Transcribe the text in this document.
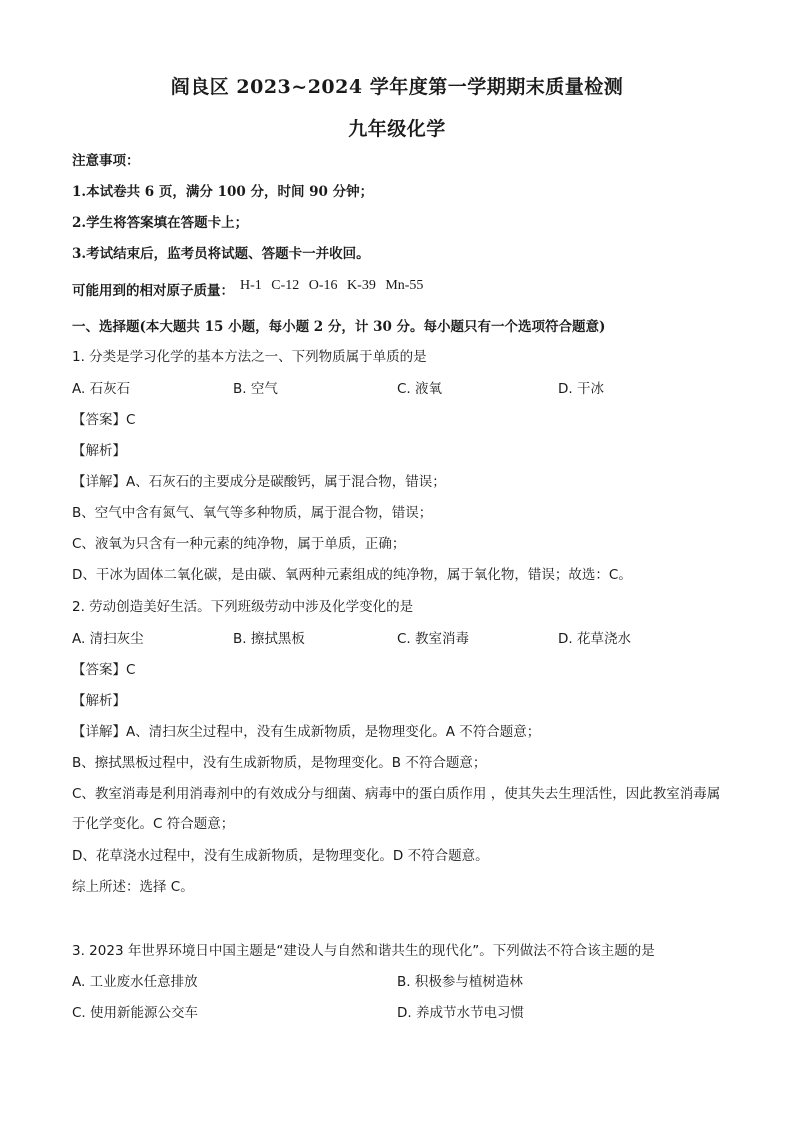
阎良区 2023~2024 学年度第一学期期末质量检测
九年级化学
注意事项：
1.本试卷共 6 页，满分 100 分，时间 90 分钟；
2.学生将答案填在答题卡上；
3.考试结束后，监考员将试题、答题卡一并收回。
可能用到的相对原子质量： H-1 C-12 O-16 K-39 Mn-55
一、选择题(本大题共 15 小题，每小题 2 分，计 30 分。每小题只有一个选项符合题意)
1. 分类是学习化学的基本方法之一、下列物质属于单质的是
A. 石灰石	B. 空气	C. 液氧	D. 干冰
【答案】C
【解析】
【详解】A、石灰石的主要成分是碳酸钙，属于混合物，错误；
B、空气中含有氮气、氧气等多种物质，属于混合物，错误；
C、液氧为只含有一种元素的纯净物，属于单质，正确；
D、干冰为固体二氧化碳，是由碳、氧两种元素组成的纯净物，属于氧化物，错误；故选：C。
2. 劳动创造美好生活。下列班级劳动中涉及化学变化的是
A. 清扫灰尘	B. 擦拭黑板	C. 教室消毒	D. 花草浇水
【答案】C
【解析】
【详解】A、清扫灰尘过程中，没有生成新物质，是物理变化。A 不符合题意；
B、擦拭黑板过程中，没有生成新物质，是物理变化。B 不符合题意；
C、教室消毒是利用消毒剂中的有效成分与细菌、病毒中的蛋白质作用 ，使其失去生理活性，因此教室消毒属于化学变化。C 符合题意；
D、花草浇水过程中，没有生成新物质，是物理变化。D 不符合题意。
综上所述：选择 C。
3. 2023 年世界环境日中国主题是“建设人与自然和谐共生的现代化”。下列做法不符合该主题的是
A. 工业废水任意排放	B. 积极参与植树造林
C. 使用新能源公交车	D. 养成节水节电习惯
